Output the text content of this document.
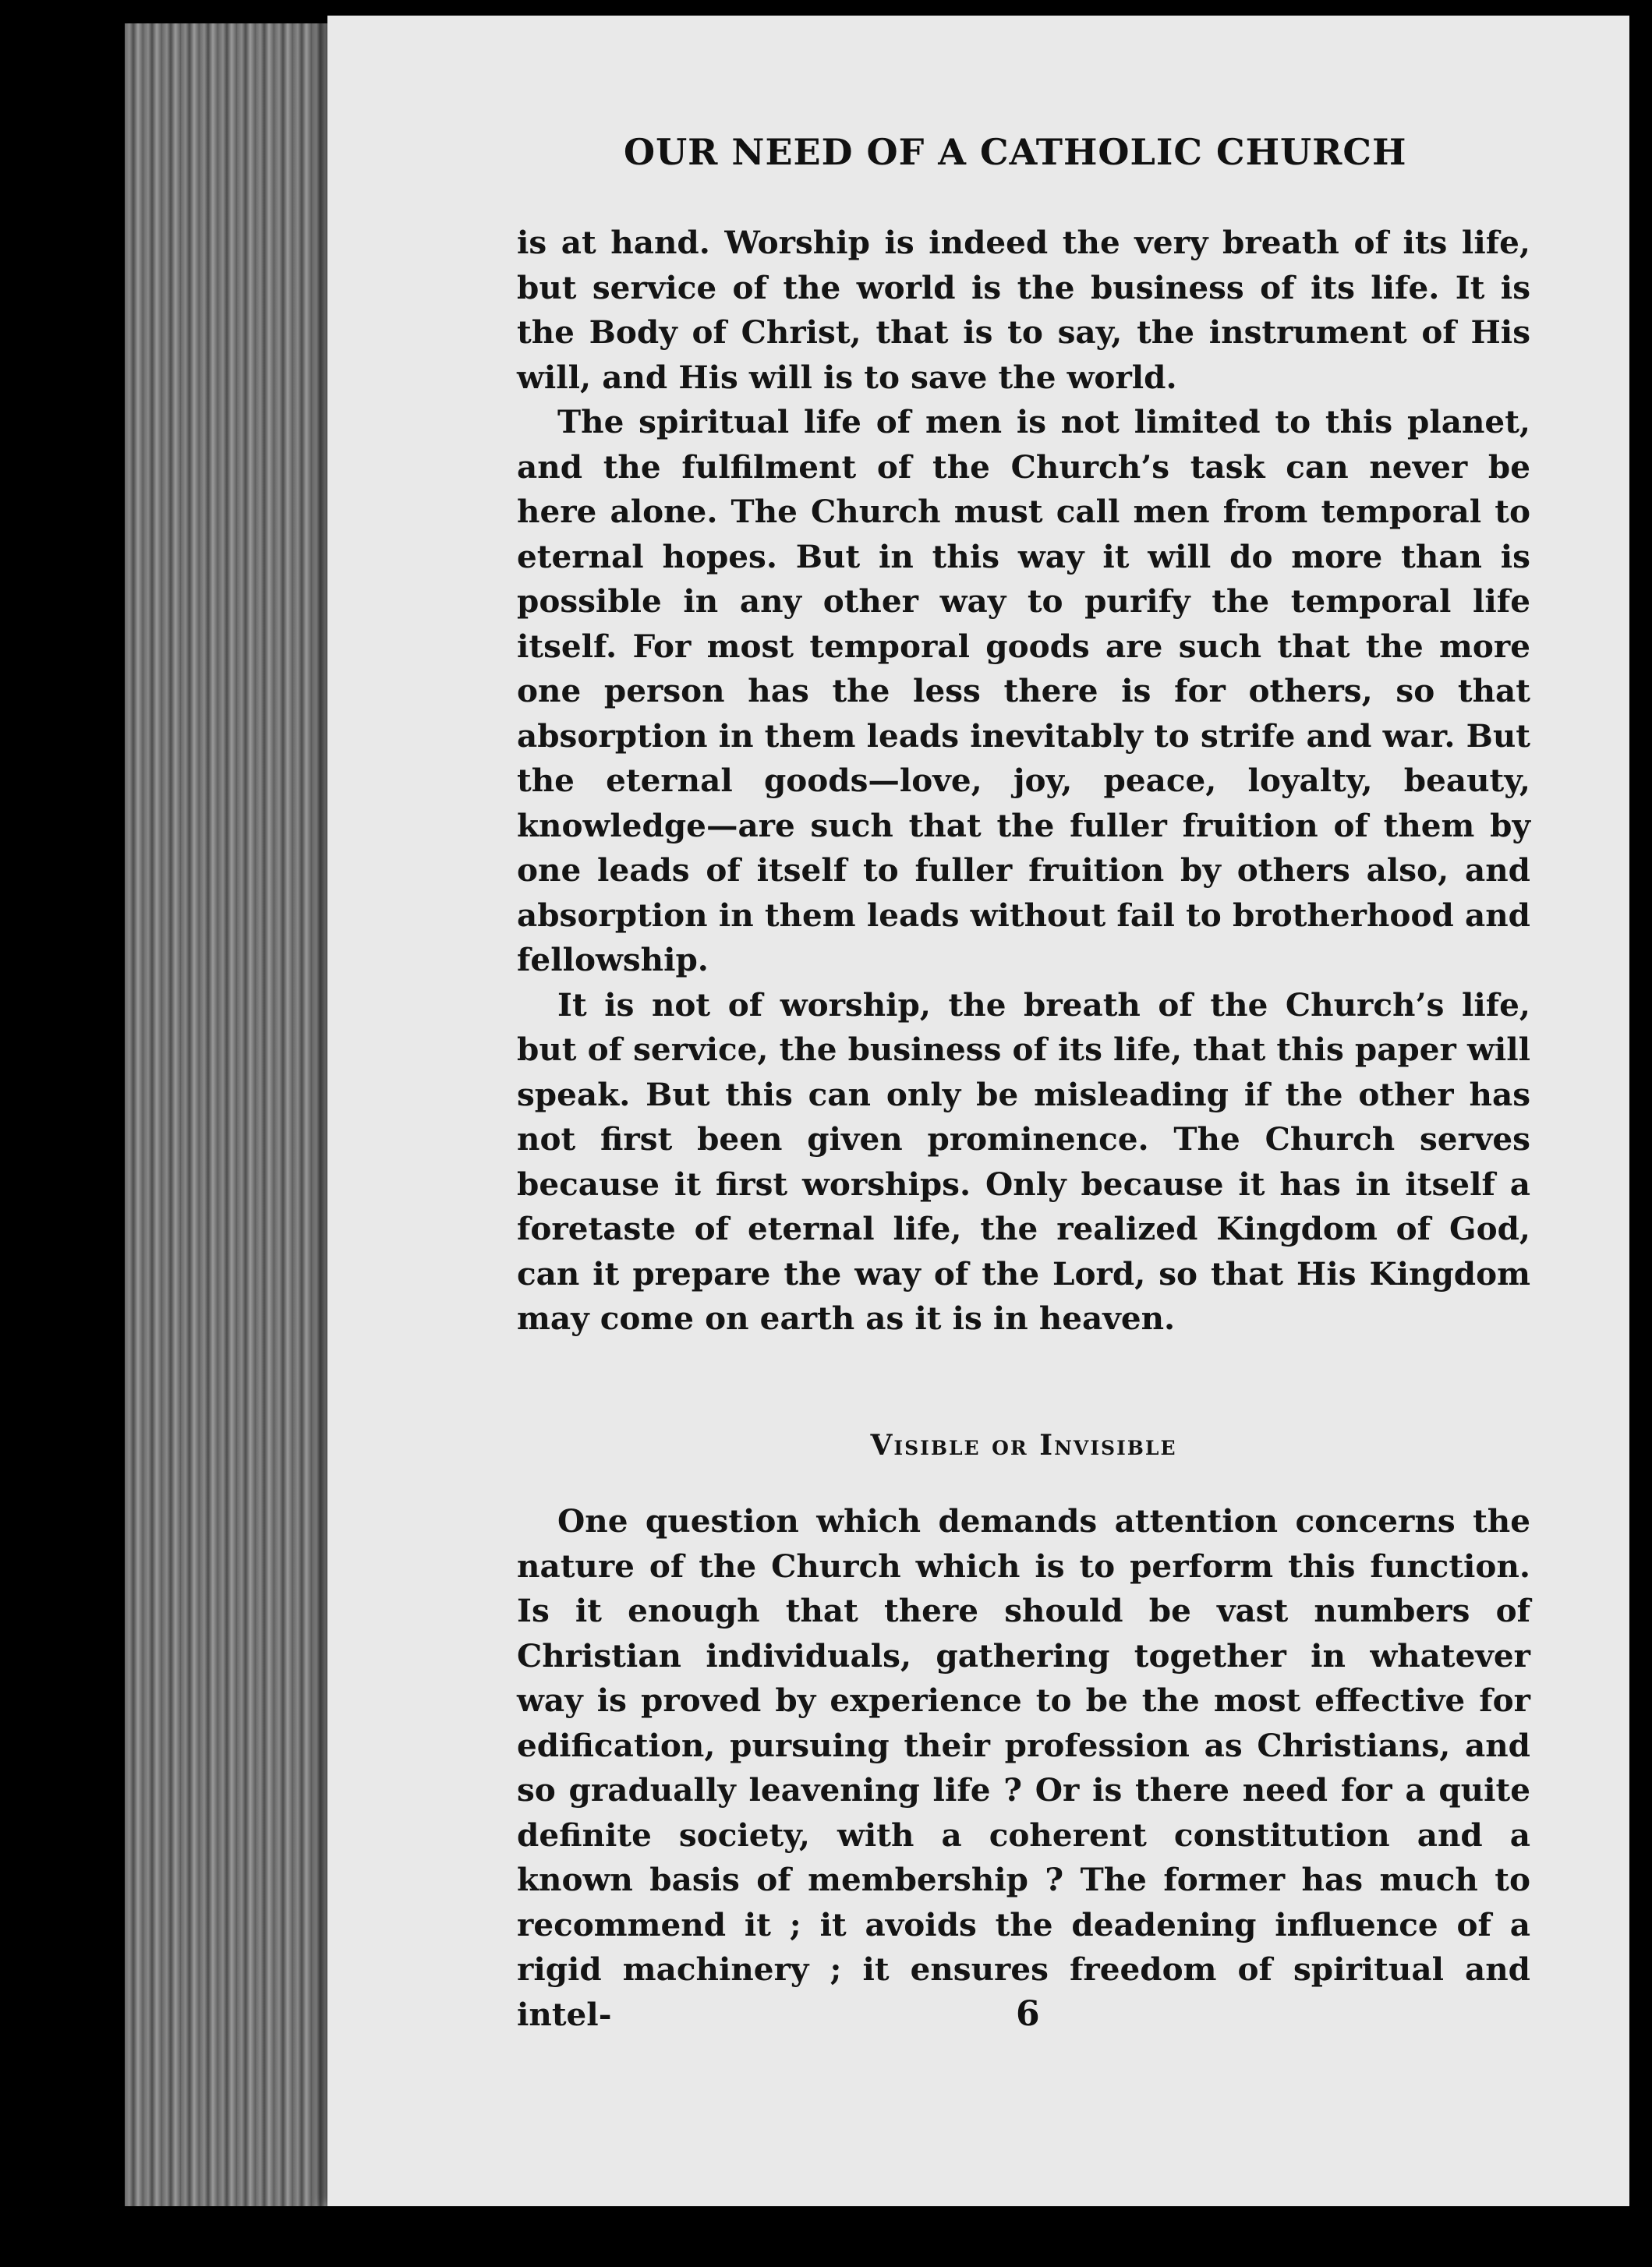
OUR NEED OF A CATHOLIC CHURCH

is at hand. Worship is indeed the very breath of its life, but service of the world is the business of its life. It is the Body of Christ, that is to say, the instrument of His will, and His will is to save the world.

The spiritual life of men is not limited to this planet, and the fulfilment of the Church’s task can never be here alone. The Church must call men from temporal to eternal hopes. But in this way it will do more than is possible in any other way to purify the temporal life itself. For most temporal goods are such that the more one person has the less there is for others, so that absorption in them leads inevitably to strife and war. But the eternal goods—love, joy, peace, loyalty, beauty, knowledge—are such that the fuller fruition of them by one leads of itself to fuller fruition by others also, and absorption in them leads without fail to brotherhood and fellowship.

It is not of worship, the breath of the Church’s life, but of service, the business of its life, that this paper will speak. But this can only be misleading if the other has not first been given prominence. The Church serves because it first worships. Only because it has in itself a foretaste of eternal life, the realized Kingdom of God, can it prepare the way of the Lord, so that His Kingdom may come on earth as it is in heaven.

Visible or Invisible

One question which demands attention concerns the nature of the Church which is to perform this function. Is it enough that there should be vast numbers of Christian individuals, gathering together in whatever way is proved by experience to be the most effective for edification, pursuing their profession as Christians, and so gradually leavening life ? Or is there need for a quite definite society, with a coherent constitution and a known basis of membership ? The former has much to recommend it ; it avoids the deadening influence of a rigid machinery ; it ensures freedom of spiritual and intel-	6
